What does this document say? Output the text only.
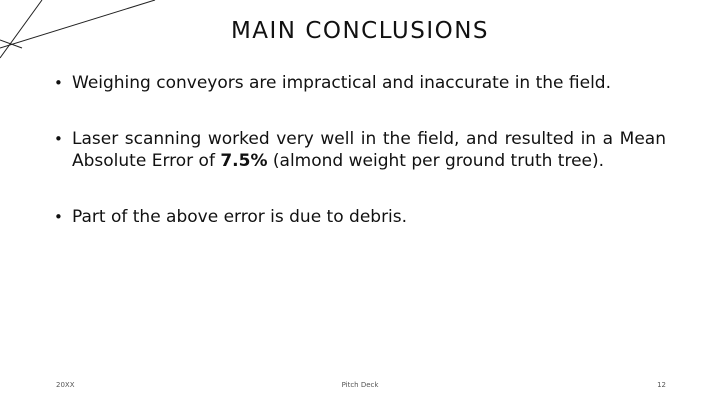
MAIN CONCLUSIONS
• Weighing conveyors are impractical and inaccurate in the field.
• Laser scanning worked very well in the field, and resulted in a Mean Absolute Error of 7.5% (almond weight per ground truth tree).
• Part of the above error is due to debris.
20XX	Pitch Deck	12
